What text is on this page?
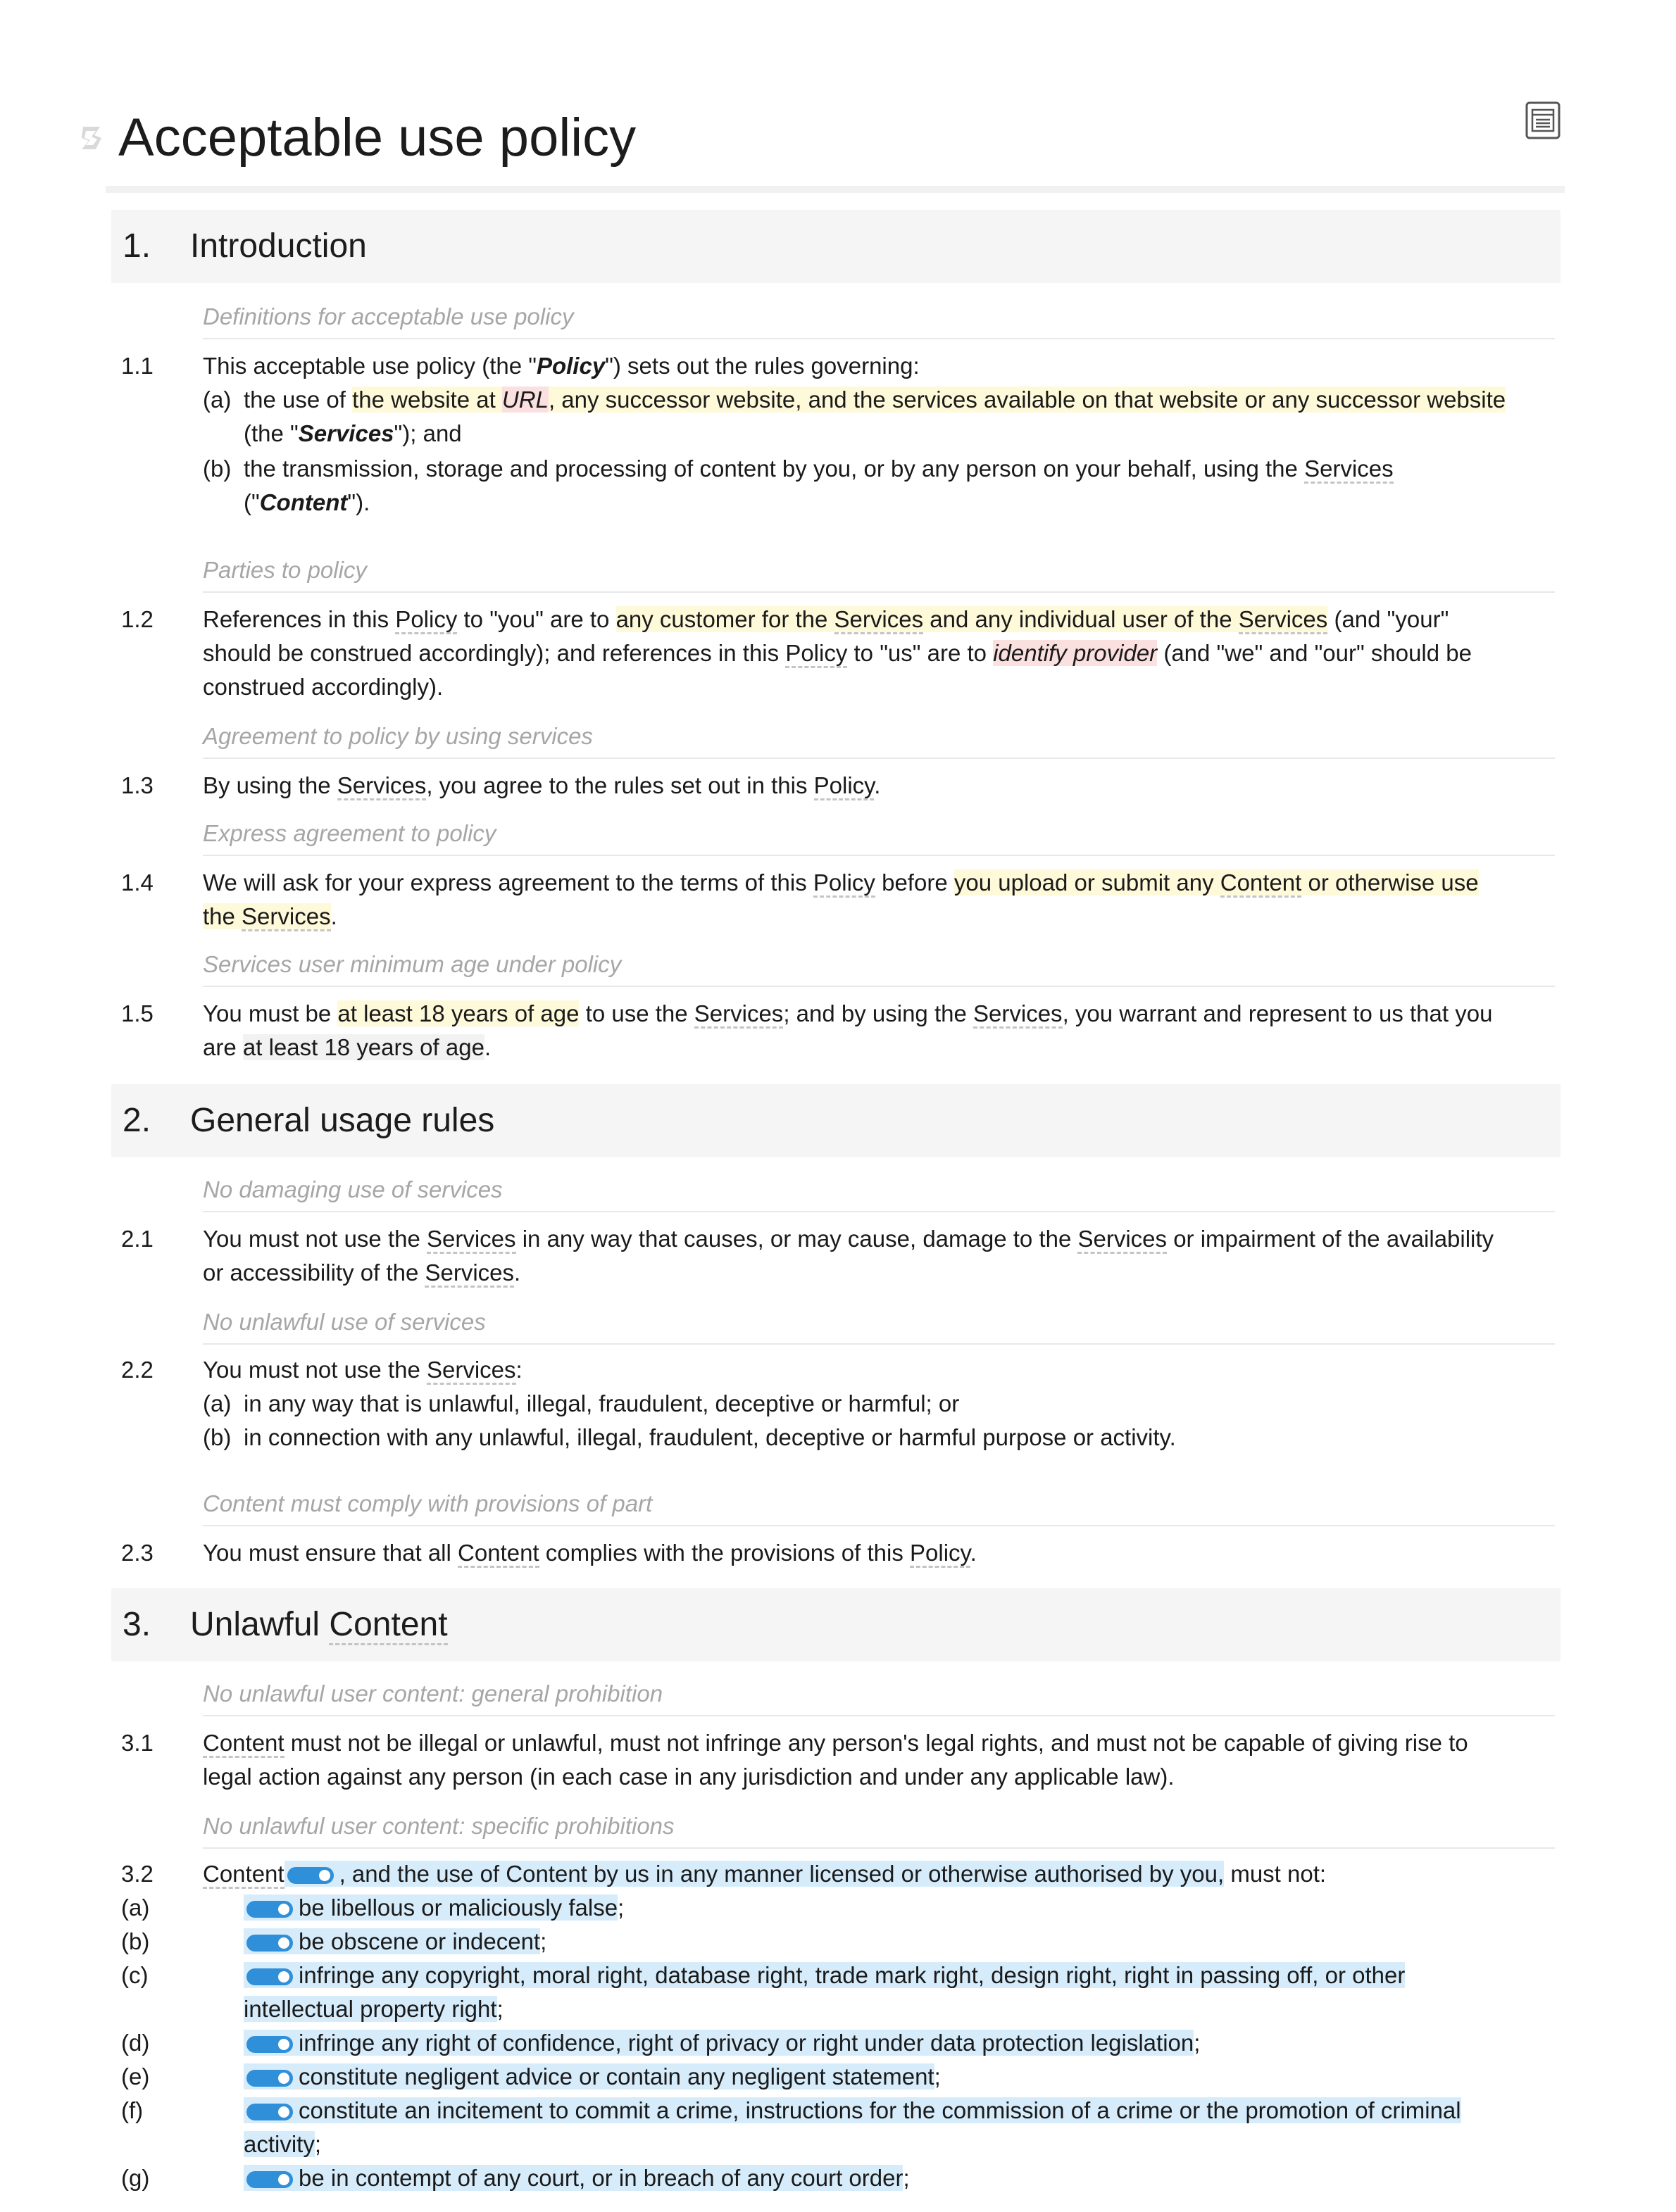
Acceptable use policy
1. Introduction
Definitions for acceptable use policy
1.1 This acceptable use policy (the "Policy") sets out the rules governing:
(a) the use of the website at URL, any successor website, and the services available on that website or any successor website
(the "Services"); and
(b) the transmission, storage and processing of content by you, or by any person on your behalf, using the Services
("Content").
Parties to policy
1.2 References in this Policy to "you" are to any customer for the Services and any individual user of the Services (and "your"
should be construed accordingly); and references in this Policy to "us" are to identify provider (and "we" and "our" should be
construed accordingly).
Agreement to policy by using services
1.3 By using the Services, you agree to the rules set out in this Policy.
Express agreement to policy
1.4 We will ask for your express agreement to the terms of this Policy before you upload or submit any Content or otherwise use
the Services.
Services user minimum age under policy
1.5 You must be at least 18 years of age to use the Services; and by using the Services, you warrant and represent to us that you
are at least 18 years of age.
2. General usage rules
No damaging use of services
2.1 You must not use the Services in any way that causes, or may cause, damage to the Services or impairment of the availability
or accessibility of the Services.
No unlawful use of services
2.2 You must not use the Services:
(a) in any way that is unlawful, illegal, fraudulent, deceptive or harmful; or
(b) in connection with any unlawful, illegal, fraudulent, deceptive or harmful purpose or activity.
Content must comply with provisions of part
2.3 You must ensure that all Content complies with the provisions of this Policy.
3. Unlawful Content
No unlawful user content: general prohibition
3.1 Content must not be illegal or unlawful, must not infringe any person's legal rights, and must not be capable of giving rise to
legal action against any person (in each case in any jurisdiction and under any applicable law).
No unlawful user content: specific prohibitions
3.2 Content , and the use of Content by us in any manner licensed or otherwise authorised by you, must not:
(a)	be libellous or maliciously false;
(b)	be obscene or indecent;
(c)	infringe any copyright, moral right, database right, trade mark right, design right, right in passing off, or other
intellectual property right;
(d)	infringe any right of confidence, right of privacy or right under data protection legislation;
(e)	constitute negligent advice or contain any negligent statement;
(f)	constitute an incitement to commit a crime, instructions for the commission of a crime or the promotion of criminal
activity;
(g)	be in contempt of any court, or in breach of any court order;
